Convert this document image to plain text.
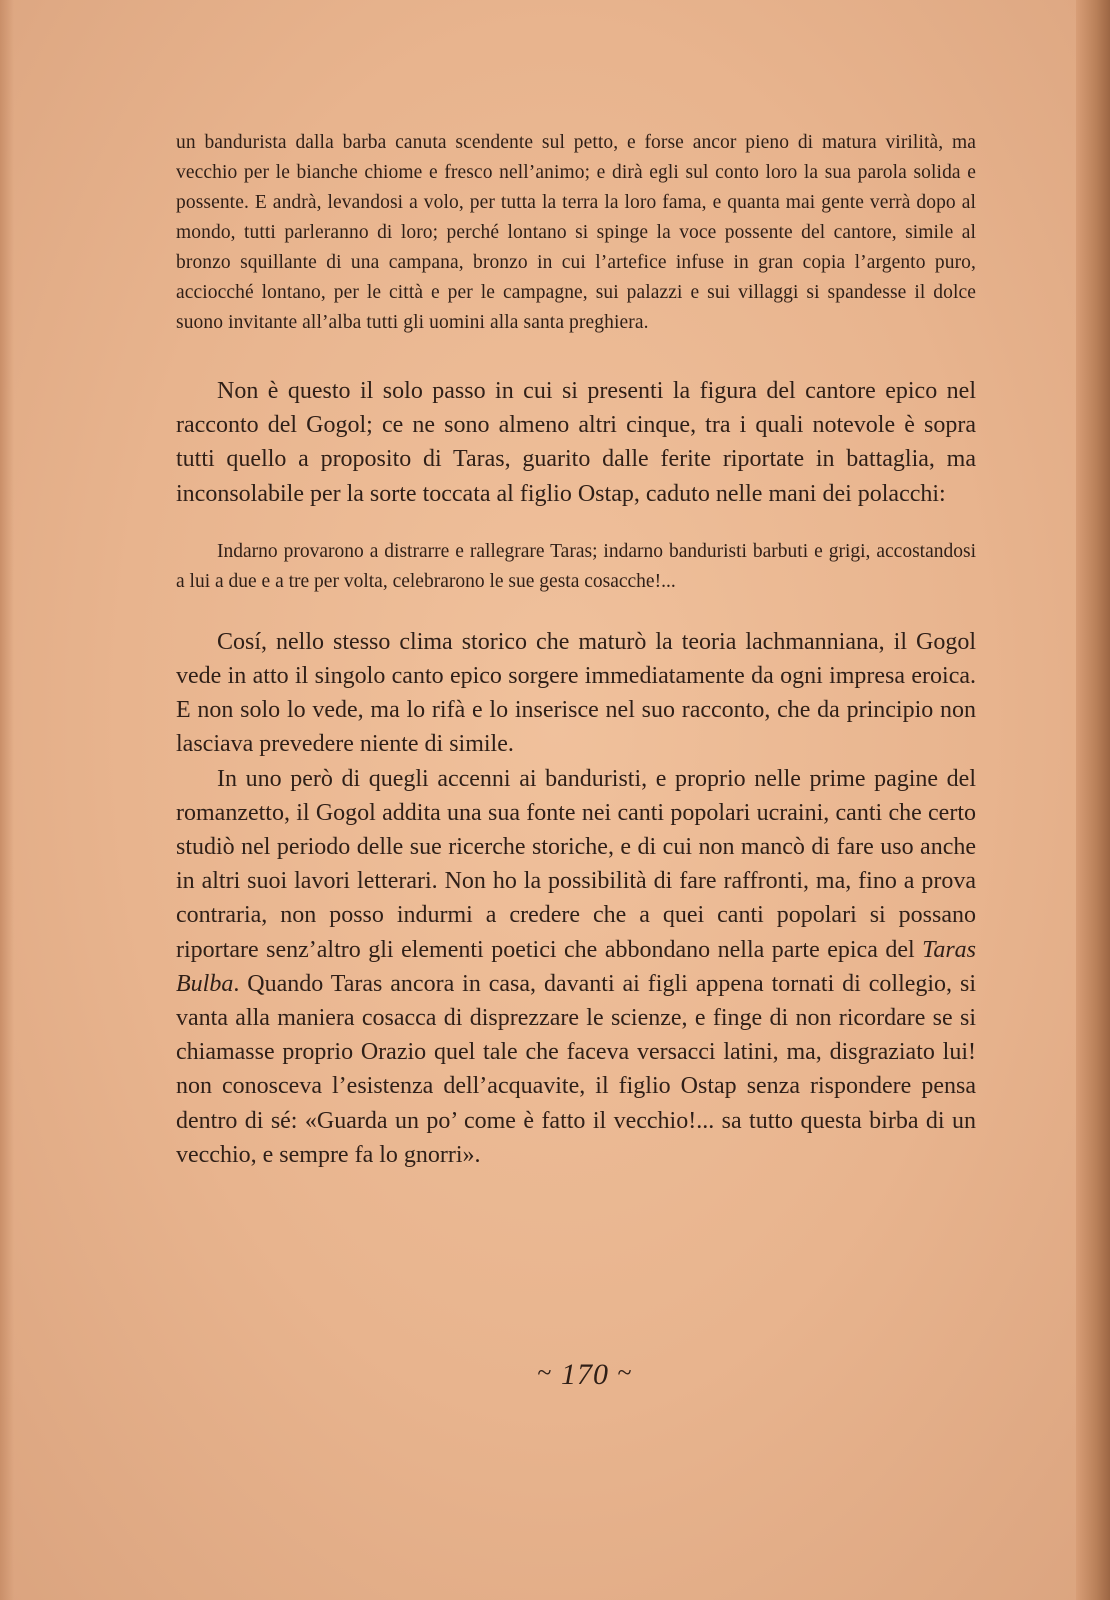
un bandurista dalla barba canuta scendente sul petto, e forse ancor pieno di matura virilità, ma vecchio per le bianche chiome e fresco nell’animo; e dirà egli sul conto loro la sua parola solida e possente. E andrà, levandosi a volo, per tutta la terra la loro fama, e quanta mai gente verrà dopo al mondo, tutti parleranno di loro; perché lontano si spinge la voce possente del cantore, simile al bronzo squillante di una campana, bronzo in cui l’artefice infuse in gran copia l’argento puro, acciocché lontano, per le città e per le campagne, sui palazzi e sui villaggi si spandesse il dolce suono invitante all’alba tutti gli uomini alla santa preghiera.

Non è questo il solo passo in cui si presenti la figura del cantore epico nel racconto del Gogol; ce ne sono almeno altri cinque, tra i quali notevole è sopra tutti quello a proposito di Taras, guarito dalle ferite riportate in battaglia, ma inconsolabile per la sorte toccata al figlio Ostap, caduto nelle mani dei polacchi:

Indarno provarono a distrarre e rallegrare Taras; indarno banduristi barbuti e grigi, accostandosi a lui a due e a tre per volta, celebrarono le sue gesta cosacche!...

Cosí, nello stesso clima storico che maturò la teoria lachmanniana, il Gogol vede in atto il singolo canto epico sorgere immediatamente da ogni impresa eroica. E non solo lo vede, ma lo rifà e lo inserisce nel suo racconto, che da principio non lasciava prevedere niente di simile.

In uno però di quegli accenni ai banduristi, e proprio nelle prime pagine del romanzetto, il Gogol addita una sua fonte nei canti popolari ucraini, canti che certo studiò nel periodo delle sue ricerche storiche, e di cui non mancò di fare uso anche in altri suoi lavori letterari. Non ho la possibilità di fare raffronti, ma, fino a prova contraria, non posso indurmi a credere che a quei canti popolari si possano riportare senz’altro gli elementi poetici che abbondano nella parte epica del Taras Bulba. Quando Taras ancora in casa, davanti ai figli appena tornati di collegio, si vanta alla maniera cosacca di disprezzare le scienze, e finge di non ricordare se si chiamasse proprio Orazio quel tale che faceva versacci latini, ma, disgraziato lui! non conosceva l’esistenza dell’acquavite, il figlio Ostap senza rispondere pensa dentro di sé: «Guarda un po’ come è fatto il vecchio!... sa tutto questa birba di un vecchio, e sempre fa lo gnorri».

~ 170 ~
